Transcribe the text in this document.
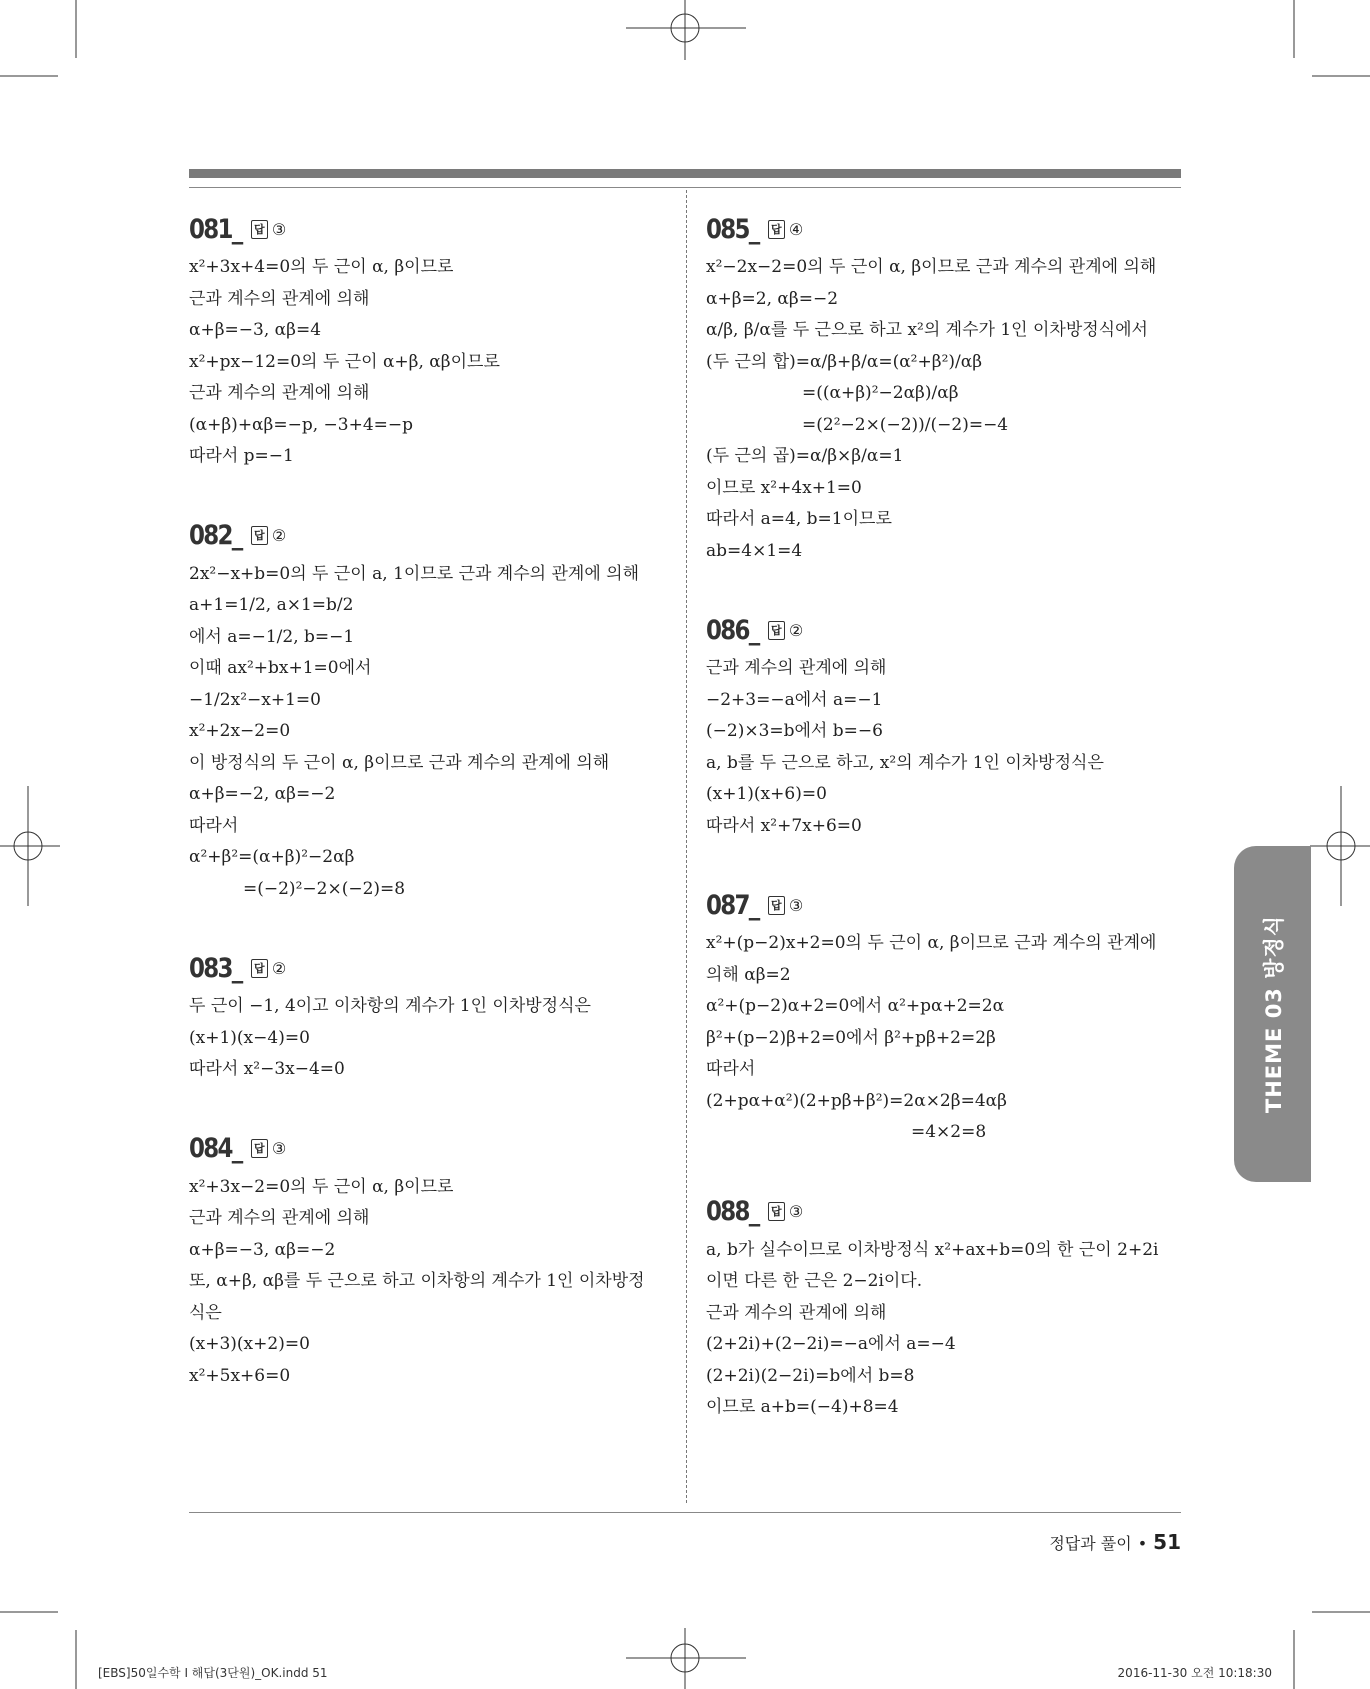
081_ 답 ③
x²+3x+4=0의 두 근이 α, β이므로
근과 계수의 관계에 의해
α+β=−3, αβ=4
x²+px−12=0의 두 근이 α+β, αβ이므로
근과 계수의 관계에 의해
(α+β)+αβ=−p, −3+4=−p
따라서 p=−1
082_ 답 ②
2x²−x+b=0의 두 근이 a, 1이므로 근과 계수의 관계에 의해
a+1=1/2, a×1=b/2
에서 a=−1/2, b=−1
이때 ax²+bx+1=0에서
−1/2x²−x+1=0
x²+2x−2=0
이 방정식의 두 근이 α, β이므로 근과 계수의 관계에 의해
α+β=−2, αβ=−2
따라서
α²+β²=(α+β)²−2αβ
=(−2)²−2×(−2)=8
083_ 답 ②
두 근이 −1, 4이고 이차항의 계수가 1인 이차방정식은
(x+1)(x−4)=0
따라서 x²−3x−4=0
084_ 답 ③
x²+3x−2=0의 두 근이 α, β이므로
근과 계수의 관계에 의해
α+β=−3, αβ=−2
또, α+β, αβ를 두 근으로 하고 이차항의 계수가 1인 이차방정
식은
(x+3)(x+2)=0
x²+5x+6=0
085_ 답 ④
x²−2x−2=0의 두 근이 α, β이므로 근과 계수의 관계에 의해
α+β=2, αβ=−2
α/β, β/α를 두 근으로 하고 x²의 계수가 1인 이차방정식에서
(두 근의 합)=α/β+β/α=(α²+β²)/αβ
=((α+β)²−2αβ)/αβ
=(2²−2×(−2))/(−2)=−4
(두 근의 곱)=α/β×β/α=1
이므로 x²+4x+1=0
따라서 a=4, b=1이므로
ab=4×1=4
086_ 답 ②
근과 계수의 관계에 의해
−2+3=−a에서 a=−1
(−2)×3=b에서 b=−6
a, b를 두 근으로 하고, x²의 계수가 1인 이차방정식은
(x+1)(x+6)=0
따라서 x²+7x+6=0
087_ 답 ③
x²+(p−2)x+2=0의 두 근이 α, β이므로 근과 계수의 관계에
의해 αβ=2
α²+(p−2)α+2=0에서 α²+pα+2=2α
β²+(p−2)β+2=0에서 β²+pβ+2=2β
따라서
(2+pα+α²)(2+pβ+β²)=2α×2β=4αβ
=4×2=8
088_ 답 ③
a, b가 실수이므로 이차방정식 x²+ax+b=0의 한 근이 2+2i
이면 다른 한 근은 2−2i이다.
근과 계수의 관계에 의해
(2+2i)+(2−2i)=−a에서 a=−4
(2+2i)(2−2i)=b에서 b=8
이므로 a+b=(−4)+8=4
THEME 03 방정식
정답과 풀이 • 51
[EBS]50일수학 I 해답(3단원)_OK.indd 51	2016-11-30 오전 10:18:30
